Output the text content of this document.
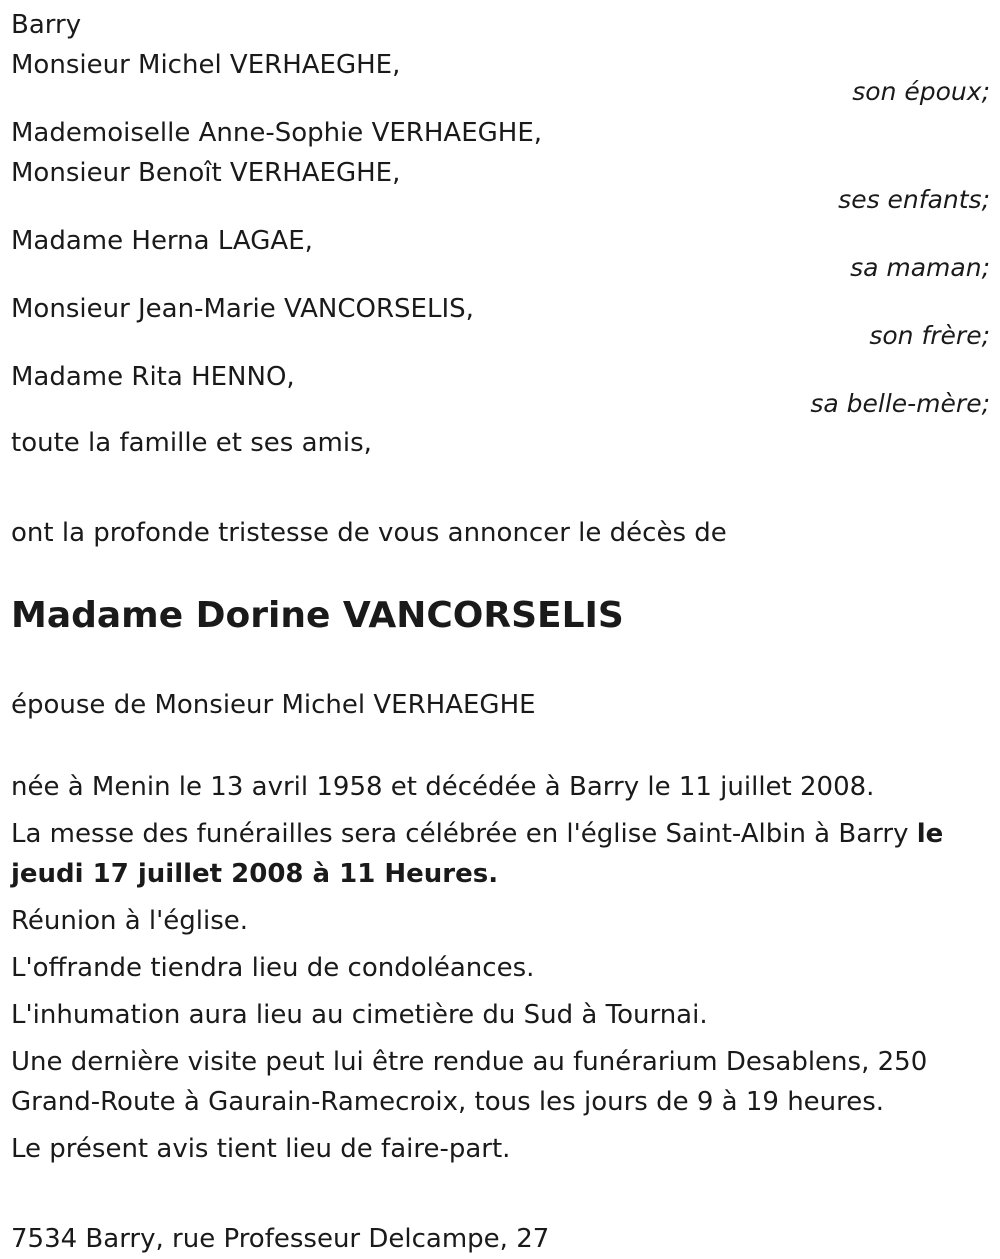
Barry

Monsieur Michel VERHAEGHE,

son époux;

Mademoiselle Anne-Sophie VERHAEGHE,

Monsieur Benoît VERHAEGHE,

ses enfants;

Madame Herna LAGAE,

sa maman;

Monsieur Jean-Marie VANCORSELIS,

son frère;

Madame Rita HENNO,

sa belle-mère;

toute la famille et ses amis,

ont la profonde tristesse de vous annoncer le décès de

Madame Dorine VANCORSELIS

épouse de Monsieur Michel VERHAEGHE

née à Menin le 13 avril 1958 et décédée à Barry le 11 juillet 2008.

La messe des funérailles sera célébrée en l'église Saint-Albin à Barry le jeudi 17 juillet 2008 à 11 Heures.

Réunion à l'église.

L'offrande tiendra lieu de condoléances.

L'inhumation aura lieu au cimetière du Sud à Tournai.

Une dernière visite peut lui être rendue au funérarium Desablens, 250 Grand-Route à Gaurain-Ramecroix, tous les jours de 9 à 19 heures.

Le présent avis tient lieu de faire-part.

7534 Barry, rue Professeur Delcampe, 27
